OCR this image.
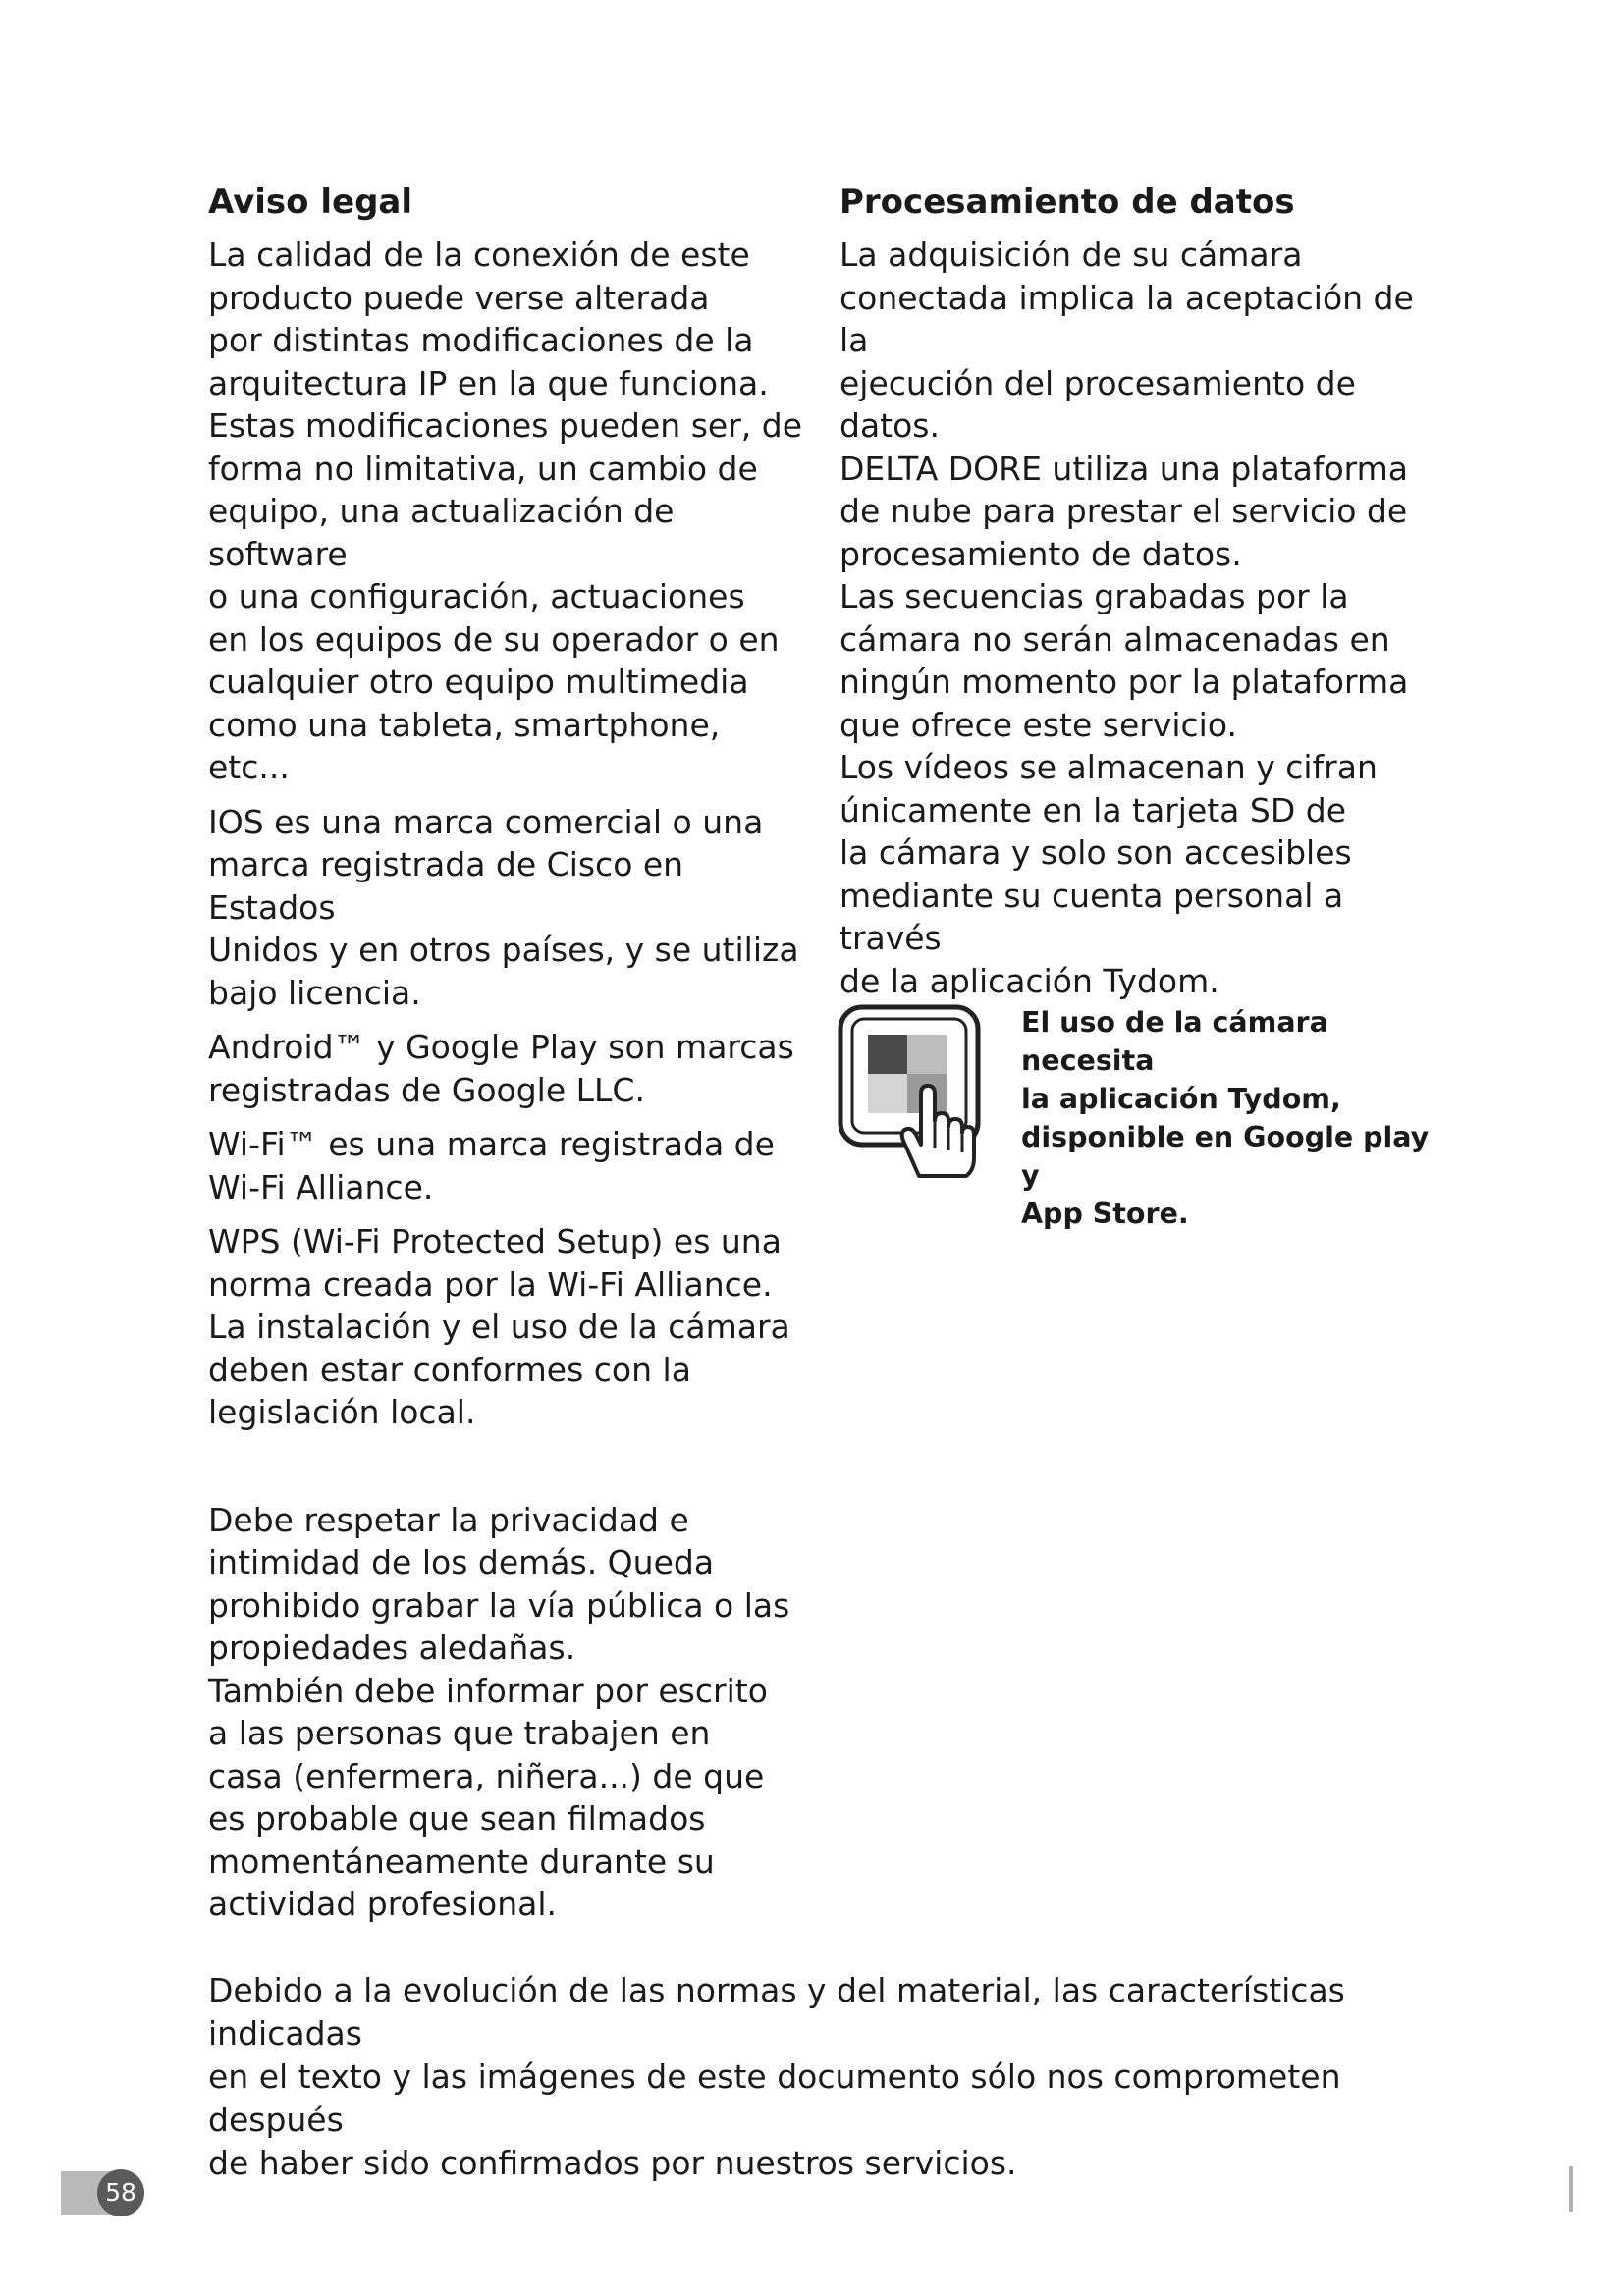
Aviso legal

La calidad de la conexión de este
producto puede verse alterada
por distintas modificaciones de la
arquitectura IP en la que funciona.
Estas modificaciones pueden ser, de
forma no limitativa, un cambio de
equipo, una actualización de software
o una configuración, actuaciones
en los equipos de su operador o en
cualquier otro equipo multimedia
como una tableta, smartphone, etc...

IOS es una marca comercial o una
marca registrada de Cisco en Estados
Unidos y en otros países, y se utiliza
bajo licencia.

Android™ y Google Play son marcas
registradas de Google LLC.

Wi-Fi™ es una marca registrada de
Wi-Fi Alliance.

WPS (Wi-Fi Protected Setup) es una
norma creada por la Wi-Fi Alliance.
La instalación y el uso de la cámara
deben estar conformes con la
legislación local.

Debe respetar la privacidad e
intimidad de los demás. Queda
prohibido grabar la vía pública o las
propiedades aledañas.
También debe informar por escrito
a las personas que trabajen en
casa (enfermera, niñera...) de que
es probable que sean filmados
momentáneamente durante su
actividad profesional.

Procesamiento de datos

La adquisición de su cámara
conectada implica la aceptación de la
ejecución del procesamiento de datos.
DELTA DORE utiliza una plataforma
de nube para prestar el servicio de
procesamiento de datos.
Las secuencias grabadas por la
cámara no serán almacenadas en
ningún momento por la plataforma
que ofrece este servicio.
Los vídeos se almacenan y cifran
únicamente en la tarjeta SD de
la cámara y solo son accesibles
mediante su cuenta personal a través
de la aplicación Tydom.

El uso de la cámara necesita
la aplicación Tydom,
disponible en Google play y
App Store.
Debido a la evolución de las normas y del material, las características indicadas
en el texto y las imágenes de este documento sólo nos comprometen después
de haber sido confirmados por nuestros servicios.
58
